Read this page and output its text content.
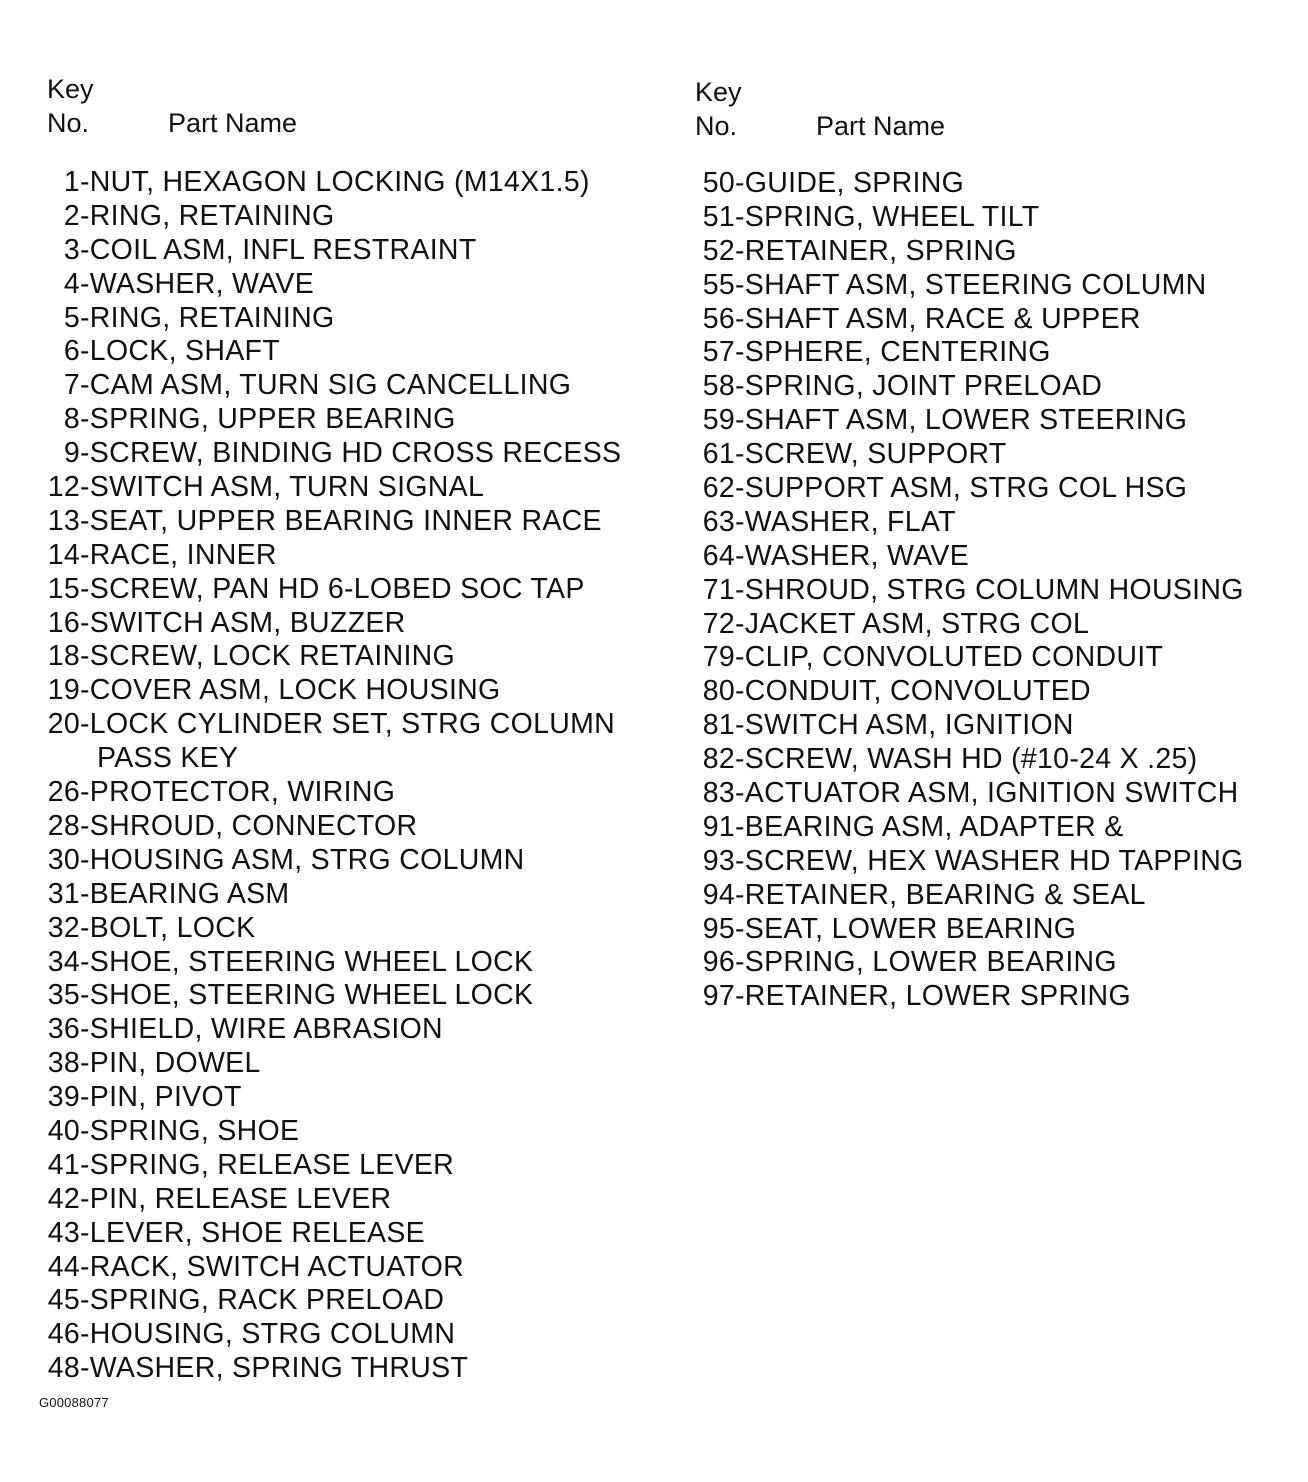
Key
No.	Part Name
1 -NUT, HEXAGON LOCKING (M14X1.5)
2 -RING, RETAINING
3 -COIL ASM, INFL RESTRAINT
4 -WASHER, WAVE
5 -RING, RETAINING
6 -LOCK, SHAFT
7 -CAM ASM, TURN SIG CANCELLING
8 -SPRING, UPPER BEARING
9 -SCREW, BINDING HD CROSS RECESS
12 -SWITCH ASM, TURN SIGNAL
13 -SEAT, UPPER BEARING INNER RACE
14 -RACE, INNER
15 -SCREW, PAN HD 6-LOBED SOC TAP
16 -SWITCH ASM, BUZZER
18 -SCREW, LOCK RETAINING
19 -COVER ASM, LOCK HOUSING
20 -LOCK CYLINDER SET, STRG COLUMN
PASS KEY
26 -PROTECTOR, WIRING
28 -SHROUD, CONNECTOR
30 -HOUSING ASM, STRG COLUMN
31 -BEARING ASM
32 -BOLT, LOCK
34 -SHOE, STEERING WHEEL LOCK
35 -SHOE, STEERING WHEEL LOCK
36 -SHIELD, WIRE ABRASION
38 -PIN, DOWEL
39 -PIN, PIVOT
40 -SPRING, SHOE
41 -SPRING, RELEASE LEVER
42 -PIN, RELEASE LEVER
43 -LEVER, SHOE RELEASE
44 -RACK, SWITCH ACTUATOR
45 -SPRING, RACK PRELOAD
46 -HOUSING, STRG COLUMN
48 -WASHER, SPRING THRUST
Key
No.	Part Name
50 -GUIDE, SPRING
51 -SPRING, WHEEL TILT
52 -RETAINER, SPRING
55 -SHAFT ASM, STEERING COLUMN
56 -SHAFT ASM, RACE & UPPER
57 -SPHERE, CENTERING
58 -SPRING, JOINT PRELOAD
59 -SHAFT ASM, LOWER STEERING
61 -SCREW, SUPPORT
62 -SUPPORT ASM, STRG COL HSG
63 -WASHER, FLAT
64 -WASHER, WAVE
71 -SHROUD, STRG COLUMN HOUSING
72 -JACKET ASM, STRG COL
79 -CLIP, CONVOLUTED CONDUIT
80 -CONDUIT, CONVOLUTED
81 -SWITCH ASM, IGNITION
82 -SCREW, WASH HD (#10-24 X .25)
83 -ACTUATOR ASM, IGNITION SWITCH
91 -BEARING ASM, ADAPTER &
93 -SCREW, HEX WASHER HD TAPPING
94 -RETAINER, BEARING & SEAL
95 -SEAT, LOWER BEARING
96 -SPRING, LOWER BEARING
97 -RETAINER, LOWER SPRING
G00088077
